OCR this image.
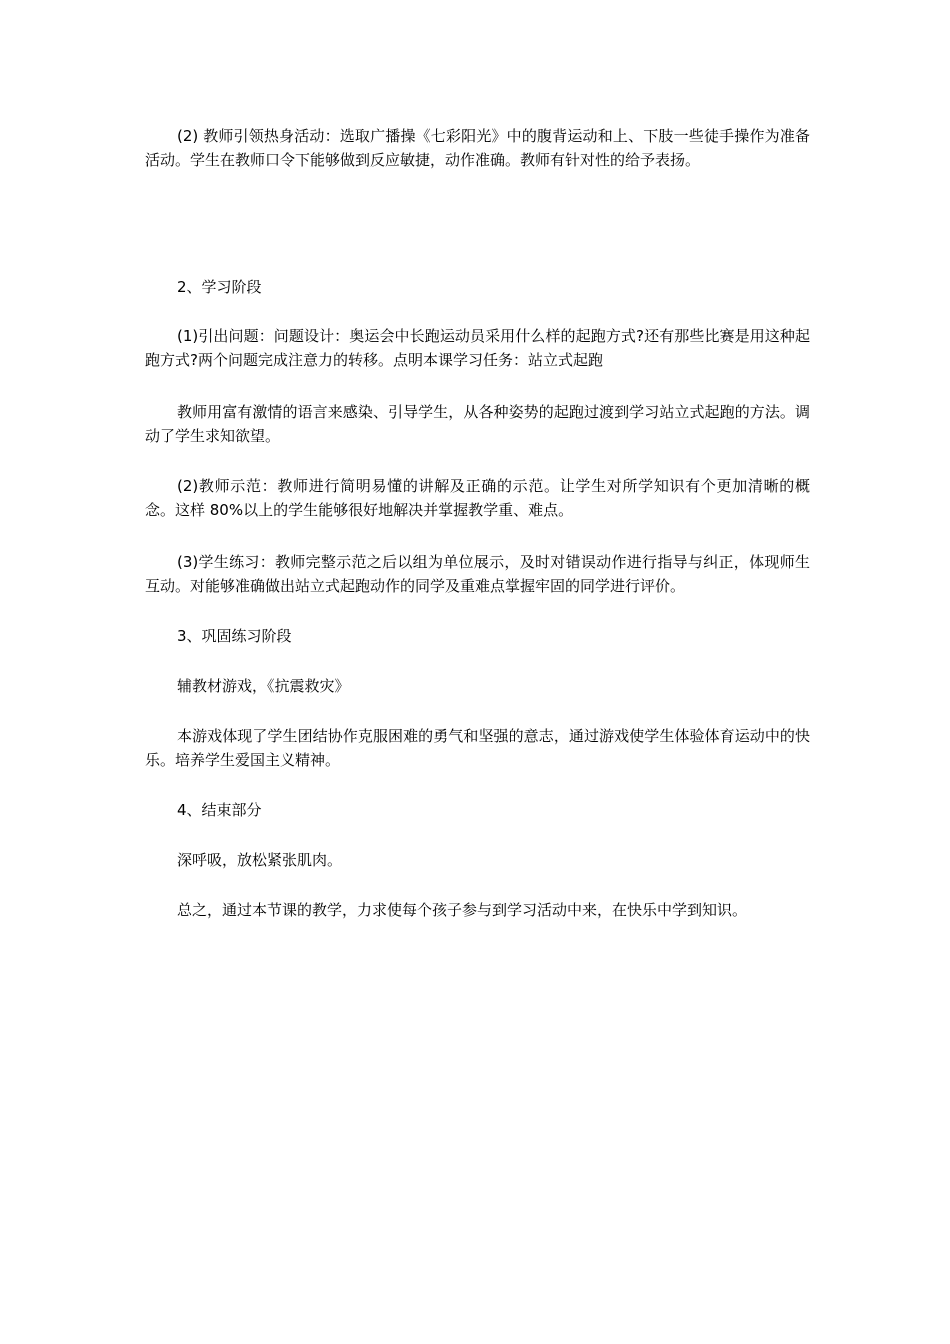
(2) 教师引领热身活动：选取广播操《七彩阳光》中的腹背运动和上、下肢一些徒手操作为准备活动。学生在教师口令下能够做到反应敏捷，动作准确。教师有针对性的给予表扬。
2、学习阶段
(1)引出问题：问题设计：奥运会中长跑运动员采用什么样的起跑方式?还有那些比赛是用这种起跑方式?两个问题完成注意力的转移。点明本课学习任务：站立式起跑
教师用富有激情的语言来感染、引导学生，从各种姿势的起跑过渡到学习站立式起跑的方法。调动了学生求知欲望。
(2)教师示范：教师进行简明易懂的讲解及正确的示范。让学生对所学知识有个更加清晰的概念。这样 80%以上的学生能够很好地解决并掌握教学重、难点。
(3)学生练习：教师完整示范之后以组为单位展示，及时对错误动作进行指导与纠正，体现师生互动。对能够准确做出站立式起跑动作的同学及重难点掌握牢固的同学进行评价。
3、巩固练习阶段
辅教材游戏，《抗震救灾》
本游戏体现了学生团结协作克服困难的勇气和坚强的意志，通过游戏使学生体验体育运动中的快乐。培养学生爱国主义精神。
4、结束部分
深呼吸，放松紧张肌肉。
总之，通过本节课的教学，力求使每个孩子参与到学习活动中来，在快乐中学到知识。
